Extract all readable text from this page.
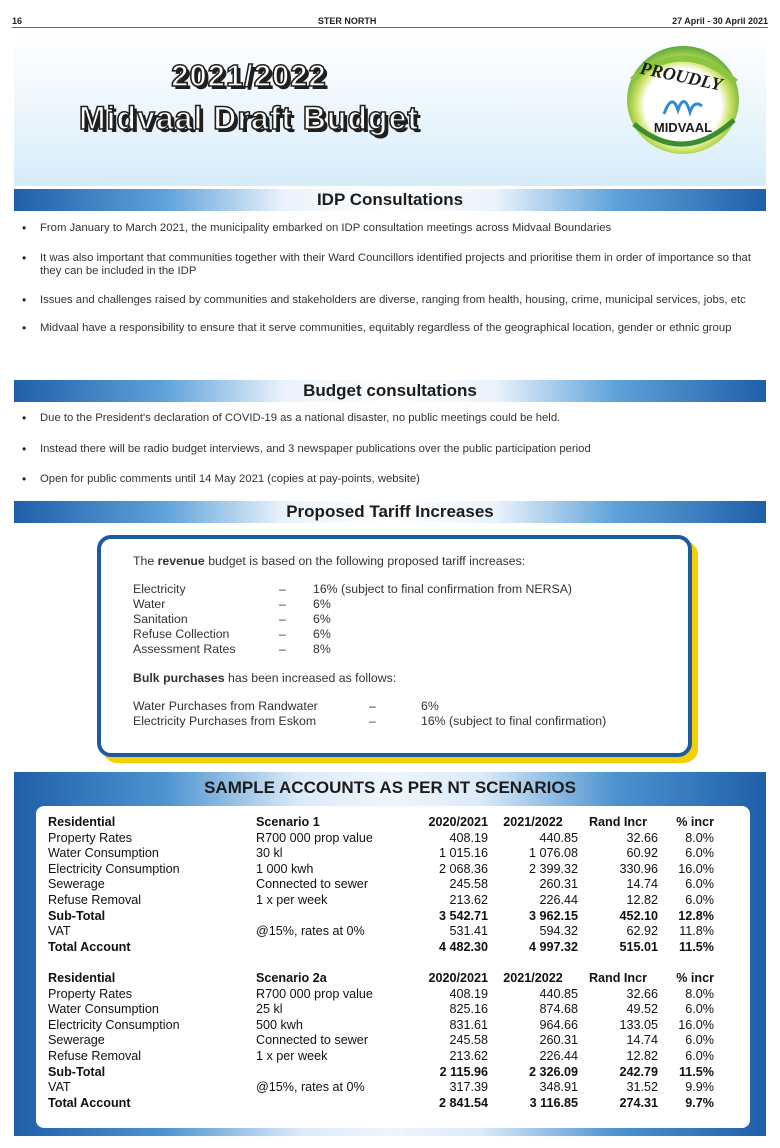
16	STER NORTH	27 April - 30 April 2021
2021/2022
Midvaal Draft Budget
PROUDLY
MIDVAAL
IDP Consultations
• From January to March 2021, the municipality embarked on IDP consultation meetings across Midvaal Boundaries
• It was also important that communities together with their Ward Councillors identified projects and prioritise them in order of importance so that they can be included in the IDP
• Issues and challenges raised by communities and stakeholders are diverse, ranging from health, housing, crime, municipal services, jobs, etc
• Midvaal have a responsibility to ensure that it serve communities, equitably regardless of the geographical location, gender or ethnic group
Budget consultations
• Due to the President's declaration of COVID-19 as a national disaster, no public meetings could be held.
• Instead there will be radio budget interviews, and 3 newspaper publications over the public participation period
• Open for public comments until 14 May 2021 (copies at pay-points, website)
Proposed Tariff Increases
The revenue budget is based on the following proposed tariff increases:
Electricity	–	16% (subject to final confirmation from NERSA)
Water	–	6%
Sanitation	–	6%
Refuse Collection	–	6%
Assessment Rates	–	8%
Bulk purchases has been increased as follows:
Water Purchases from Randwater	–	6%
Electricity Purchases from Eskom	–	16% (subject to final confirmation)
SAMPLE ACCOUNTS AS PER NT SCENARIOS
Residential	Scenario 1	2020/2021	2021/2022	Rand Incr	% incr
Property Rates	R700 000 prop value	408.19	440.85	32.66	8.0%
Water Consumption	30 kl	1 015.16	1 076.08	60.92	6.0%
Electricity Consumption	1 000 kwh	2 068.36	2 399.32	330.96	16.0%
Sewerage	Connected to sewer	245.58	260.31	14.74	6.0%
Refuse Removal	1 x per week	213.62	226.44	12.82	6.0%
Sub-Total		3 542.71	3 962.15	452.10	12.8%
VAT	@15%, rates at 0%	531.41	594.32	62.92	11.8%
Total Account		4 482.30	4 997.32	515.01	11.5%
Residential	Scenario 2a	2020/2021	2021/2022	Rand Incr	% incr
Property Rates	R700 000 prop value	408.19	440.85	32.66	8.0%
Water Consumption	25 kl	825.16	874.68	49.52	6.0%
Electricity Consumption	500 kwh	831.61	964.66	133.05	16.0%
Sewerage	Connected to sewer	245.58	260.31	14.74	6.0%
Refuse Removal	1 x per week	213.62	226.44	12.82	6.0%
Sub-Total		2 115.96	2 326.09	242.79	11.5%
VAT	@15%, rates at 0%	317.39	348.91	31.52	9.9%
Total Account		2 841.54	3 116.85	274.31	9.7%
